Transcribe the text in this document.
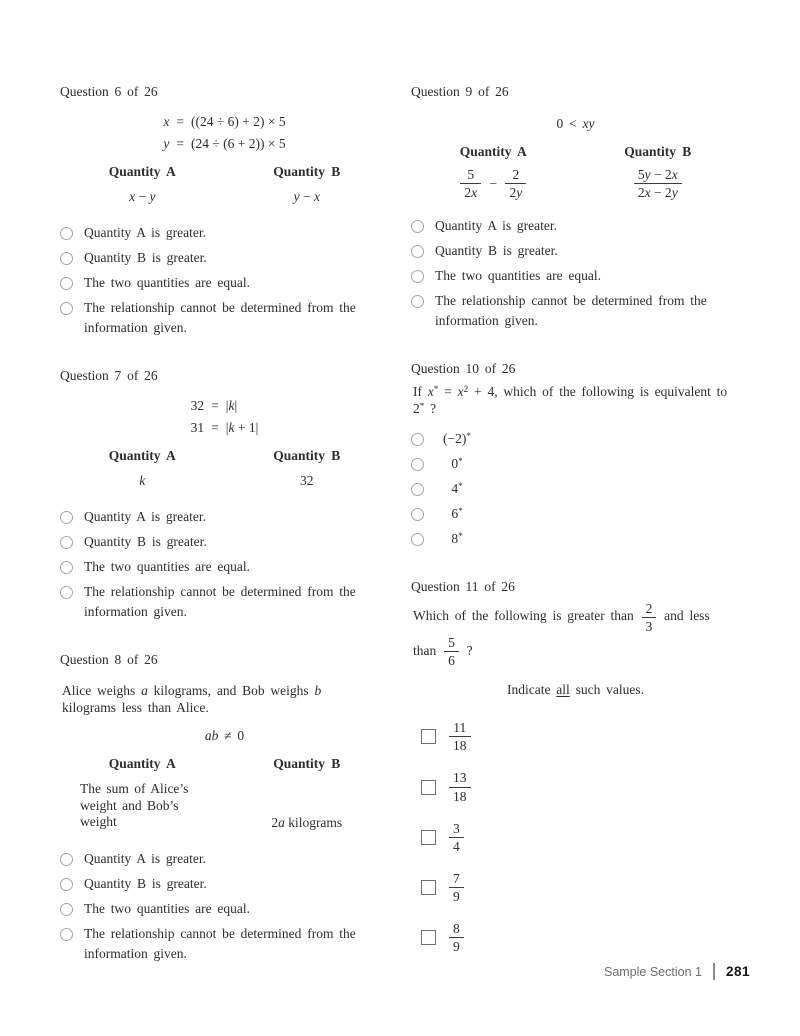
Question 6 of 26
x = ((24 ÷ 6) + 2) × 5
y = (24 ÷ (6 + 2)) × 5
Quantity A	Quantity B
x − y	y − x
Quantity A is greater.
Quantity B is greater.
The two quantities are equal.
The relationship cannot be determined from the information given.
Question 7 of 26
32 = |k|
31 = |k + 1|
Quantity A	Quantity B
k	32
Quantity A is greater.
Quantity B is greater.
The two quantities are equal.
The relationship cannot be determined from the information given.
Question 8 of 26
Alice weighs a kilograms, and Bob weighs b
kilograms less than Alice.
ab ≠ 0
Quantity A	Quantity B
The sum of Alice’s weight and Bob’s weight	2a kilograms
Quantity A is greater.
Quantity B is greater.
The two quantities are equal.
The relationship cannot be determined from the information given.
Question 9 of 26
0 < xy
Quantity A	Quantity B
$\frac{5}{2x} - \frac{2}{2y}$	$\frac{5y - 2x}{2x - 2y}$
Quantity A is greater.
Quantity B is greater.
The two quantities are equal.
The relationship cannot be determined from the information given.
Question 10 of 26
If $x^* = x^2 + 4$, which of the following is equivalent to
2* ?
(−2)*
0*
4*
6*
8*
Question 11 of 26
Which of the following is greater than $\frac{2}{3}$ and less
than $\frac{5}{6}$ ?
Indicate all such values.
$\frac{11}{18}$
$\frac{13}{18}$
$\frac{3}{4}$
$\frac{7}{9}$
$\frac{8}{9}$
Sample Section 1 281
